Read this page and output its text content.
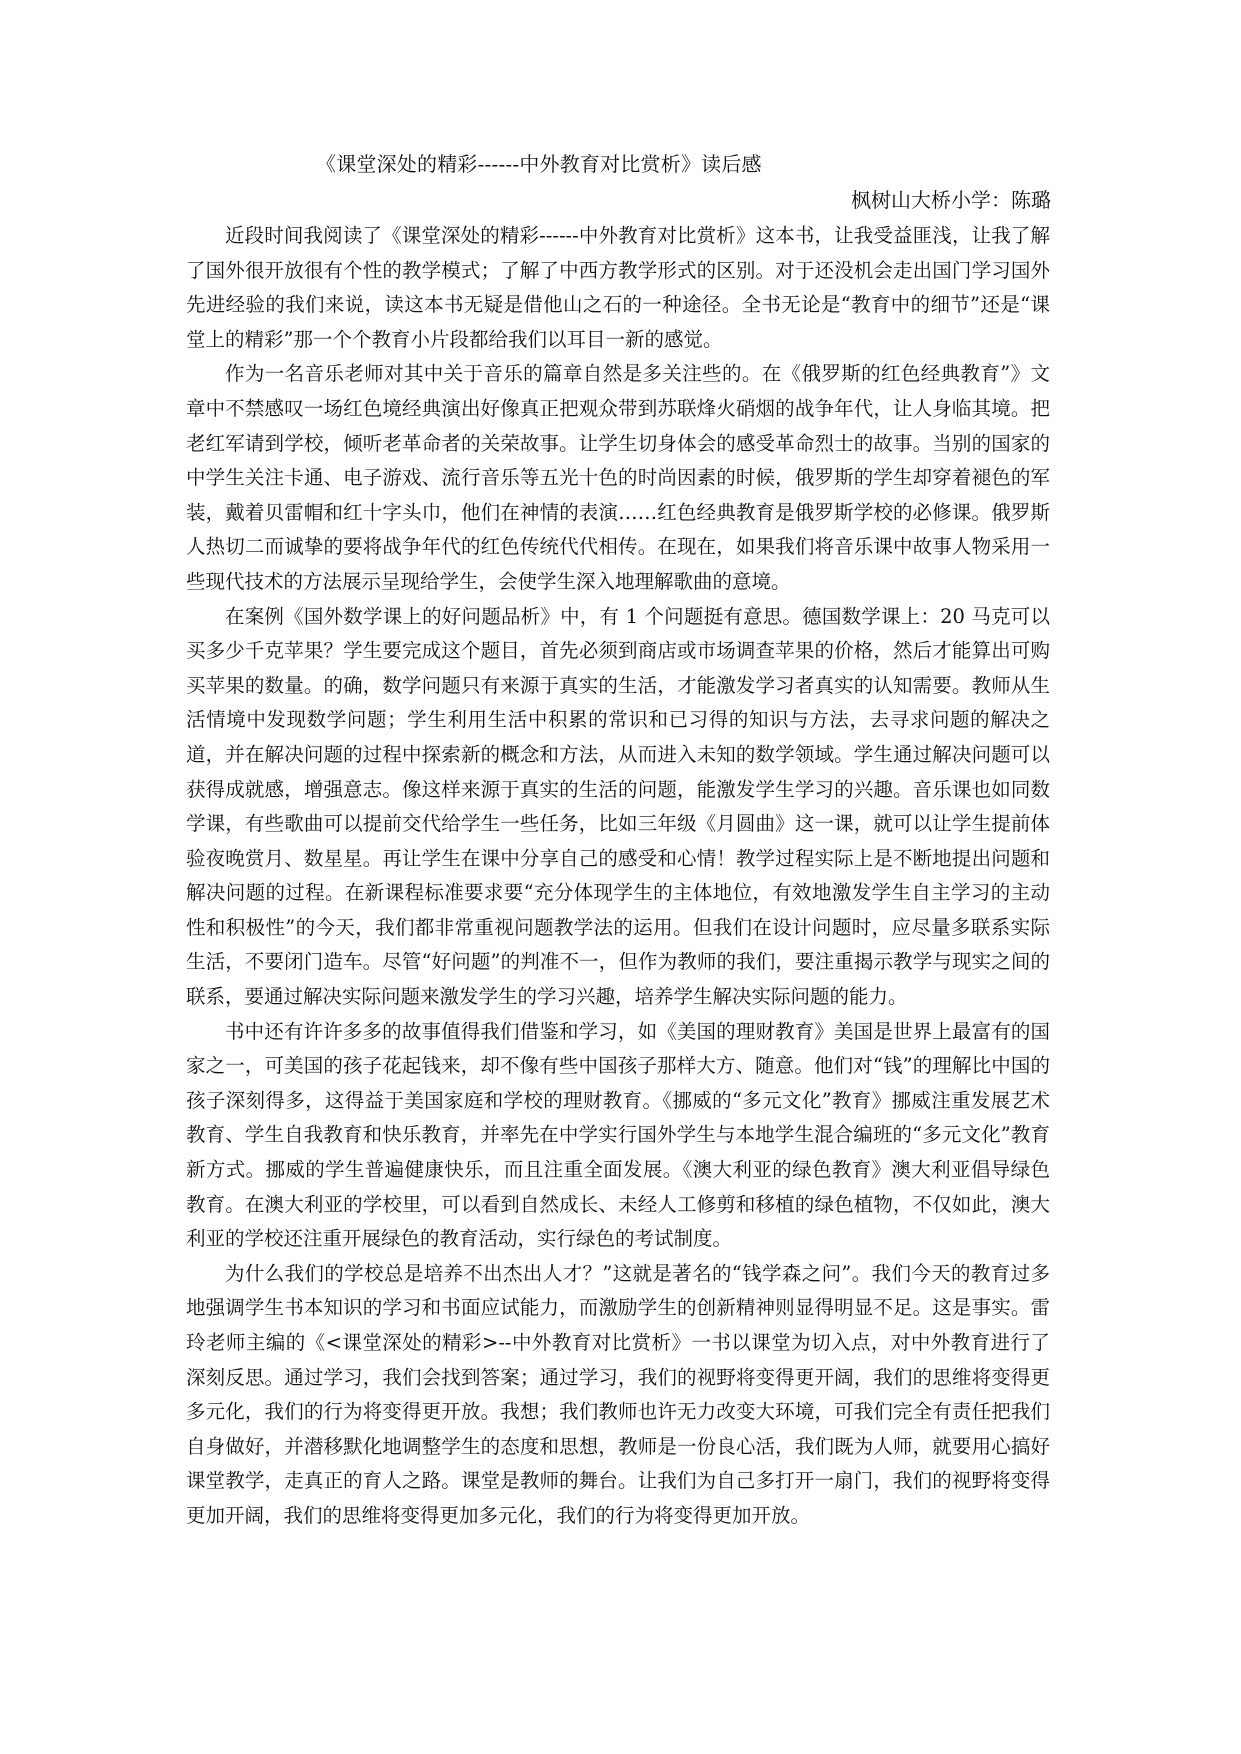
《课堂深处的精彩------中外教育对比赏析》读后感
枫树山大桥小学：陈璐

近段时间我阅读了《课堂深处的精彩------中外教育对比赏析》这本书，让我受益匪浅，让我了解了国外很开放很有个性的教学模式；了解了中西方教学形式的区别。对于还没机会走出国门学习国外先进经验的我们来说，读这本书无疑是借他山之石的一种途径。全书无论是“教育中的细节”还是“课堂上的精彩”那一个个教育小片段都给我们以耳目一新的感觉。

作为一名音乐老师对其中关于音乐的篇章自然是多关注些的。在《俄罗斯的红色经典教育”》文章中不禁感叹一场红色境经典演出好像真正把观众带到苏联烽火硝烟的战争年代，让人身临其境。把老红军请到学校，倾听老革命者的关荣故事。让学生切身体会的感受革命烈士的故事。当别的国家的中学生关注卡通、电子游戏、流行音乐等五光十色的时尚因素的时候，俄罗斯的学生却穿着褪色的军装，戴着贝雷帽和红十字头巾，他们在神情的表演……红色经典教育是俄罗斯学校的必修课。俄罗斯人热切二而诚挚的要将战争年代的红色传统代代相传。在现在，如果我们将音乐课中故事人物采用一些现代技术的方法展示呈现给学生，会使学生深入地理解歌曲的意境。

在案例《国外数学课上的好问题品析》中，有 1 个问题挺有意思。德国数学课上：20 马克可以买多少千克苹果？学生要完成这个题目，首先必须到商店或市场调查苹果的价格，然后才能算出可购买苹果的数量。的确，数学问题只有来源于真实的生活，才能激发学习者真实的认知需要。教师从生活情境中发现数学问题；学生利用生活中积累的常识和已习得的知识与方法，去寻求问题的解决之道，并在解决问题的过程中探索新的概念和方法，从而进入未知的数学领域。学生通过解决问题可以获得成就感，增强意志。像这样来源于真实的生活的问题，能激发学生学习的兴趣。音乐课也如同数学课，有些歌曲可以提前交代给学生一些任务，比如三年级《月圆曲》这一课，就可以让学生提前体验夜晚赏月、数星星。再让学生在课中分享自己的感受和心情！教学过程实际上是不断地提出问题和解决问题的过程。在新课程标准要求要“充分体现学生的主体地位，有效地激发学生自主学习的主动性和积极性”的今天，我们都非常重视问题教学法的运用。但我们在设计问题时，应尽量多联系实际生活，不要闭门造车。尽管“好问题”的判准不一，但作为教师的我们，要注重揭示教学与现实之间的联系，要通过解决实际问题来激发学生的学习兴趣，培养学生解决实际问题的能力。

书中还有许许多多的故事值得我们借鉴和学习，如《美国的理财教育》美国是世界上最富有的国家之一，可美国的孩子花起钱来，却不像有些中国孩子那样大方、随意。他们对“钱”的理解比中国的孩子深刻得多，这得益于美国家庭和学校的理财教育。《挪威的“多元文化”教育》挪威注重发展艺术教育、学生自我教育和快乐教育，并率先在中学实行国外学生与本地学生混合编班的“多元文化”教育新方式。挪威的学生普遍健康快乐，而且注重全面发展。《澳大利亚的绿色教育》澳大利亚倡导绿色教育。在澳大利亚的学校里，可以看到自然成长、未经人工修剪和移植的绿色植物，不仅如此，澳大利亚的学校还注重开展绿色的教育活动，实行绿色的考试制度。

为什么我们的学校总是培养不出杰出人才？”这就是著名的“钱学森之问”。我们今天的教育过多地强调学生书本知识的学习和书面应试能力，而激励学生的创新精神则显得明显不足。这是事实。雷玲老师主编的《<课堂深处的精彩>--中外教育对比赏析》一书以课堂为切入点，对中外教育进行了深刻反思。通过学习，我们会找到答案；通过学习，我们的视野将变得更开阔，我们的思维将变得更多元化，我们的行为将变得更开放。我想；我们教师也许无力改变大环境，可我们完全有责任把我们自身做好，并潜移默化地调整学生的态度和思想，教师是一份良心活，我们既为人师，就要用心搞好课堂教学，走真正的育人之路。课堂是教师的舞台。让我们为自己多打开一扇门，我们的视野将变得更加开阔，我们的思维将变得更加多元化，我们的行为将变得更加开放。
